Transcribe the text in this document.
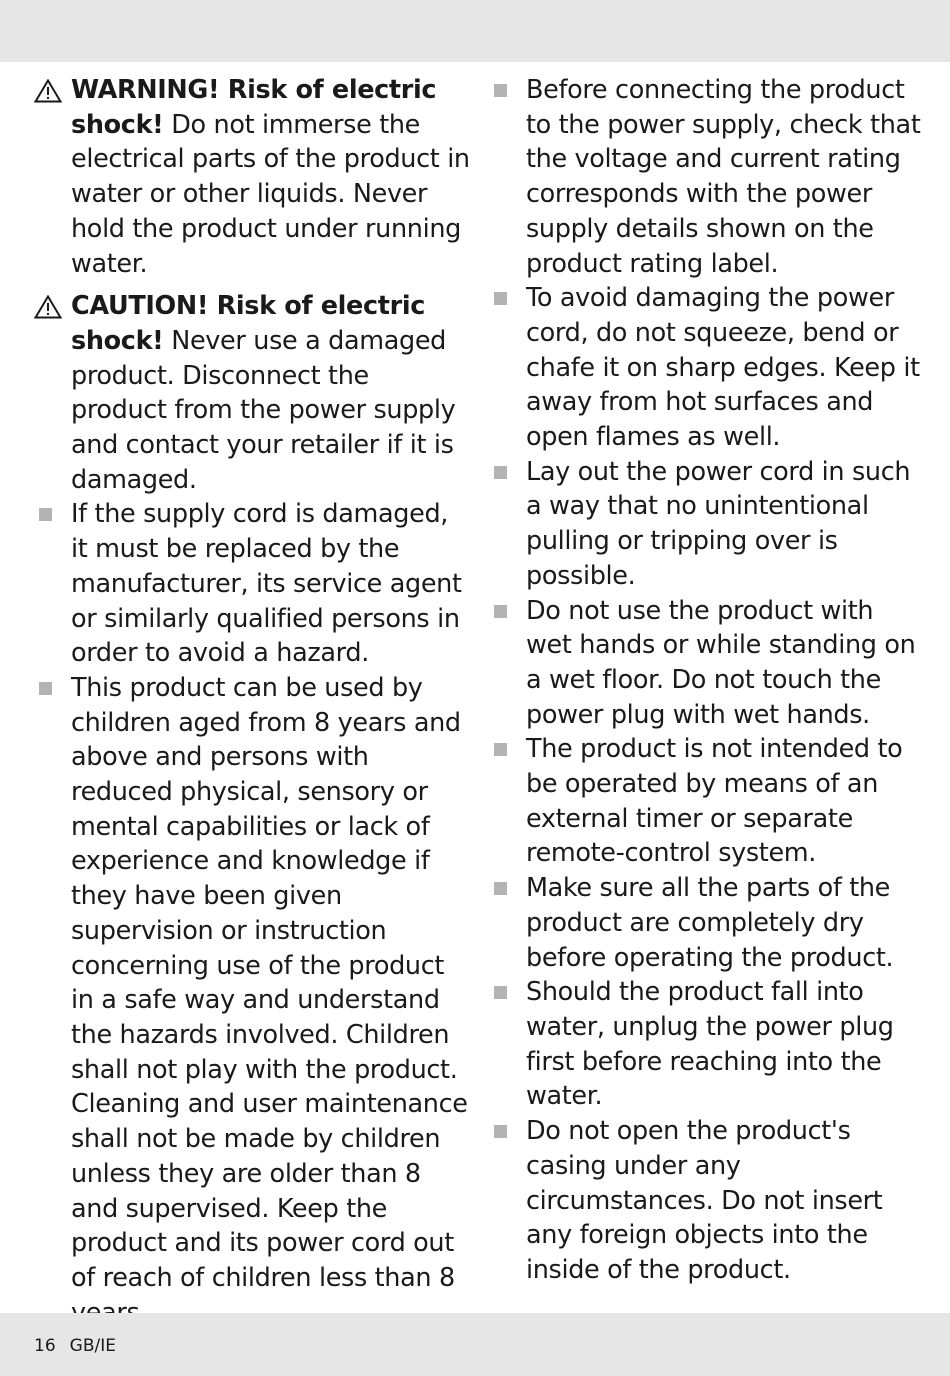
WARNING! Risk of electric shock! Do not immerse the electrical parts of the product in water or other liquids. Never hold the product under running water.
CAUTION! Risk of electric shock! Never use a damaged product. Disconnect the product from the power supply and contact your retailer if it is damaged.
If the supply cord is damaged, it must be replaced by the manufacturer, its service agent or similarly qualified persons in order to avoid a hazard.
This product can be used by children aged from 8 years and above and persons with reduced physical, sensory or mental capabilities or lack of experience and knowledge if they have been given supervision or instruction concerning use of the product in a safe way and understand the hazards involved. Children shall not play with the product. Cleaning and user maintenance shall not be made by children unless they are older than 8 and supervised. Keep the product and its power cord out of reach of children less than 8
Before connecting the product to the power supply, check that the voltage and current rating corresponds with the power supply details shown on the product rating label.
To avoid damaging the power cord, do not squeeze, bend or chafe it on sharp edges. Keep it away from hot surfaces and open flames as well.
Lay out the power cord in such a way that no unintentional pulling or tripping over is possible.
Do not use the product with wet hands or while standing on a wet floor. Do not touch the power plug with wet hands.
The product is not intended to be operated by means of an external timer or separate remote-control system.
Make sure all the parts of the product are completely dry before operating the product.
Should the product fall into water, unplug the power plug first before reaching into the water.
Do not open the product's casing under any circumstances. Do not insert any foreign objects into the inside of the product.
16 GB/IE
